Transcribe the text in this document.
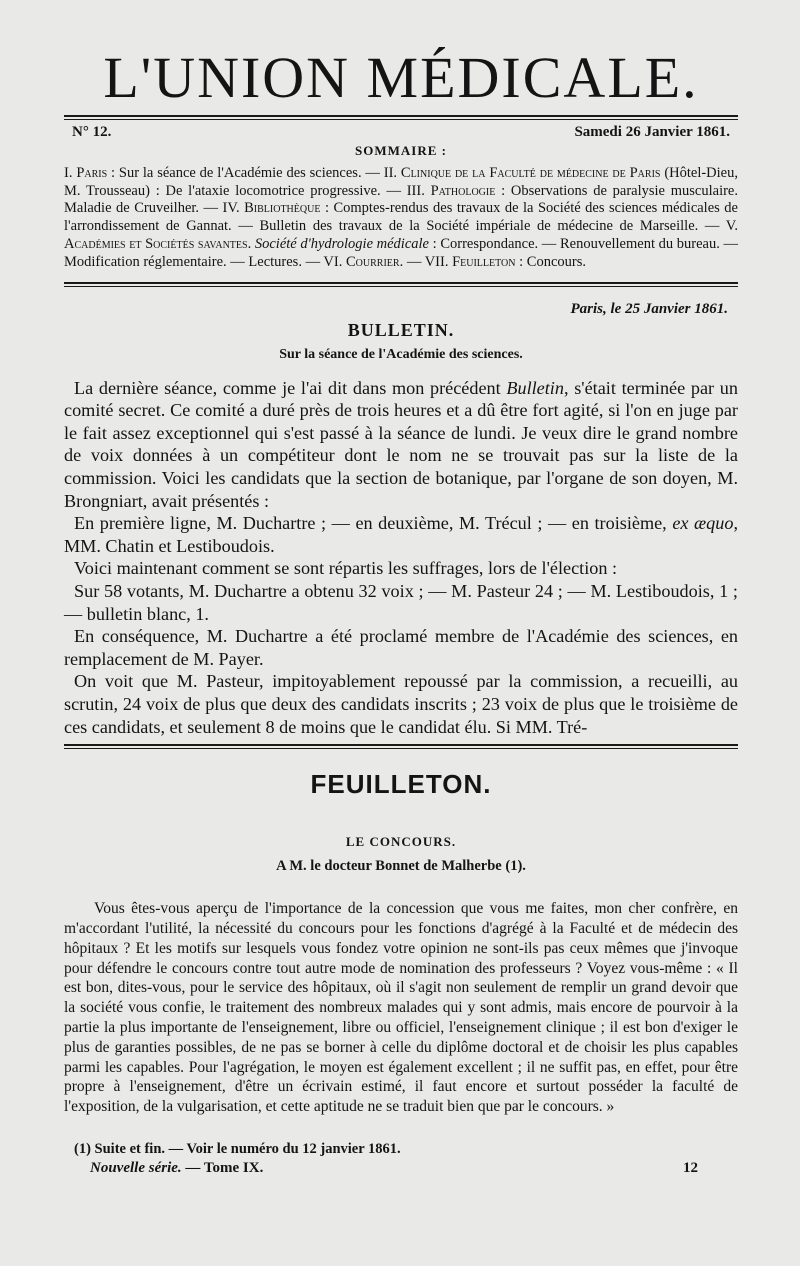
L'UNION MÉDICALE.
N° 12.	Samedi 26 Janvier 1861.
SOMMAIRE :
I. Paris : Sur la séance de l'Académie des sciences. — II. Clinique de la Faculté de médecine de Paris (Hôtel-Dieu, M. Trousseau) : De l'ataxie locomotrice progressive. — III. Pathologie : Observations de paralysie musculaire. Maladie de Cruveilher. — IV. Bibliothèque : Comptes-rendus des travaux de la Société des sciences médicales de l'arrondissement de Gannat. — Bulletin des travaux de la Société impériale de médecine de Marseille. — V. Académies et Sociétés savantes. Société d'hydrologie médicale : Correspondance. — Renouvellement du bureau. — Modification réglementaire. — Lectures. — VI. Courrier. — VII. Feuilleton : Concours.
Paris, le 25 Janvier 1861.
BULLETIN.
Sur la séance de l'Académie des sciences.

La dernière séance, comme je l'ai dit dans mon précédent Bulletin, s'était terminée par un comité secret. Ce comité a duré près de trois heures et a dû être fort agité, si l'on en juge par le fait assez exceptionnel qui s'est passé à la séance de lundi. Je veux dire le grand nombre de voix données à un compétiteur dont le nom ne se trouvait pas sur la liste de la commission. Voici les candidats que la section de botanique, par l'organe de son doyen, M. Brongniart, avait présentés :

En première ligne, M. Duchartre ; — en deuxième, M. Trécul ; — en troisième, ex æquo, MM. Chatin et Lestiboudois.

Voici maintenant comment se sont répartis les suffrages, lors de l'élection :

Sur 58 votants, M. Duchartre a obtenu 32 voix ; — M. Pasteur 24 ; — M. Lestiboudois, 1 ; — bulletin blanc, 1.

En conséquence, M. Duchartre a été proclamé membre de l'Académie des sciences, en remplacement de M. Payer.

On voit que M. Pasteur, impitoyablement repoussé par la commission, a recueilli, au scrutin, 24 voix de plus que deux des candidats inscrits ; 23 voix de plus que le troisième de ces candidats, et seulement 8 de moins que le candidat élu. Si MM. Tré-

FEUILLETON.
LE CONCOURS.
A M. le docteur Bonnet de Malherbe (1).

Vous êtes-vous aperçu de l'importance de la concession que vous me faites, mon cher confrère, en m'accordant l'utilité, la nécessité du concours pour les fonctions d'agrégé à la Faculté et de médecin des hôpitaux ? Et les motifs sur lesquels vous fondez votre opinion ne sont-ils pas ceux mêmes que j'invoque pour défendre le concours contre tout autre mode de nomination des professeurs ? Voyez vous-même : « Il est bon, dites-vous, pour le service des hôpitaux, où il s'agit non seulement de remplir un grand devoir que la société vous confie, le traitement des nombreux malades qui y sont admis, mais encore de pourvoir à la partie la plus importante de l'enseignement, libre ou officiel, l'enseignement clinique ; il est bon d'exiger le plus de garanties possibles, de ne pas se borner à celle du diplôme doctoral et de choisir les plus capables parmi les capables. Pour l'agrégation, le moyen est également excellent ; il ne suffit pas, en effet, pour être propre à l'enseignement, d'être un écrivain estimé, il faut encore et surtout posséder la faculté de l'exposition, de la vulgarisation, et cette aptitude ne se traduit bien que par le concours. »

(1) Suite et fin. — Voir le numéro du 12 janvier 1861.
Nouvelle série. — Tome IX.	12
